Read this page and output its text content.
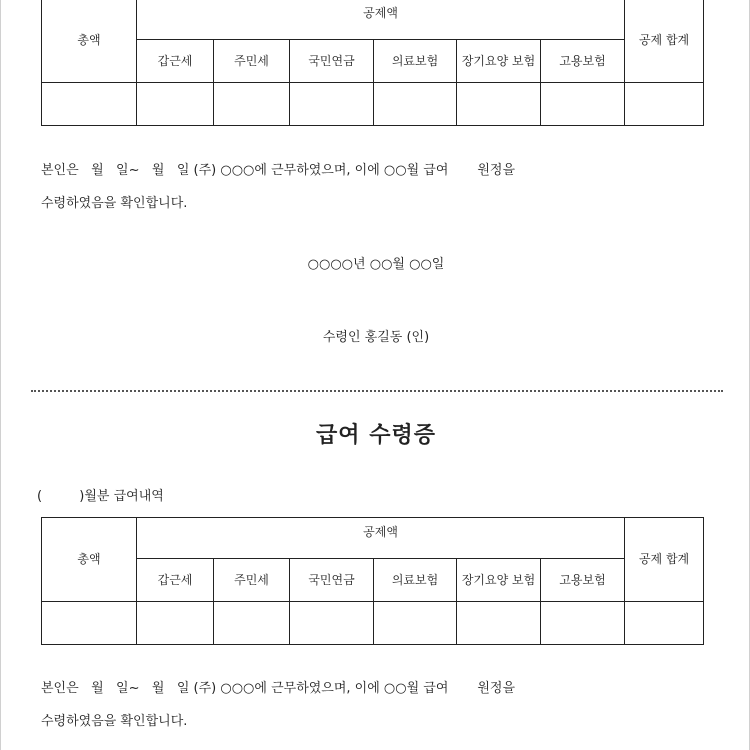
총액	공제액						공제 합계
	갑근세	주민세	국민연금	의료보험	장기요양 보험	고용보험	

본인은   월   일~   월   일 (주) ○○○에 근무하였으며, 이에 ○○월 급여       원정을
수령하였음을 확인합니다.
○○○○년 ○○월 ○○일
수령인 홍길동 (인)
급여 수령증
(         )월분 급여내역
총액	공제액						공제 합계
	갑근세	주민세	국민연금	의료보험	장기요양 보험	고용보험	

본인은   월   일~   월   일 (주) ○○○에 근무하였으며, 이에 ○○월 급여       원정을
수령하였음을 확인합니다.
